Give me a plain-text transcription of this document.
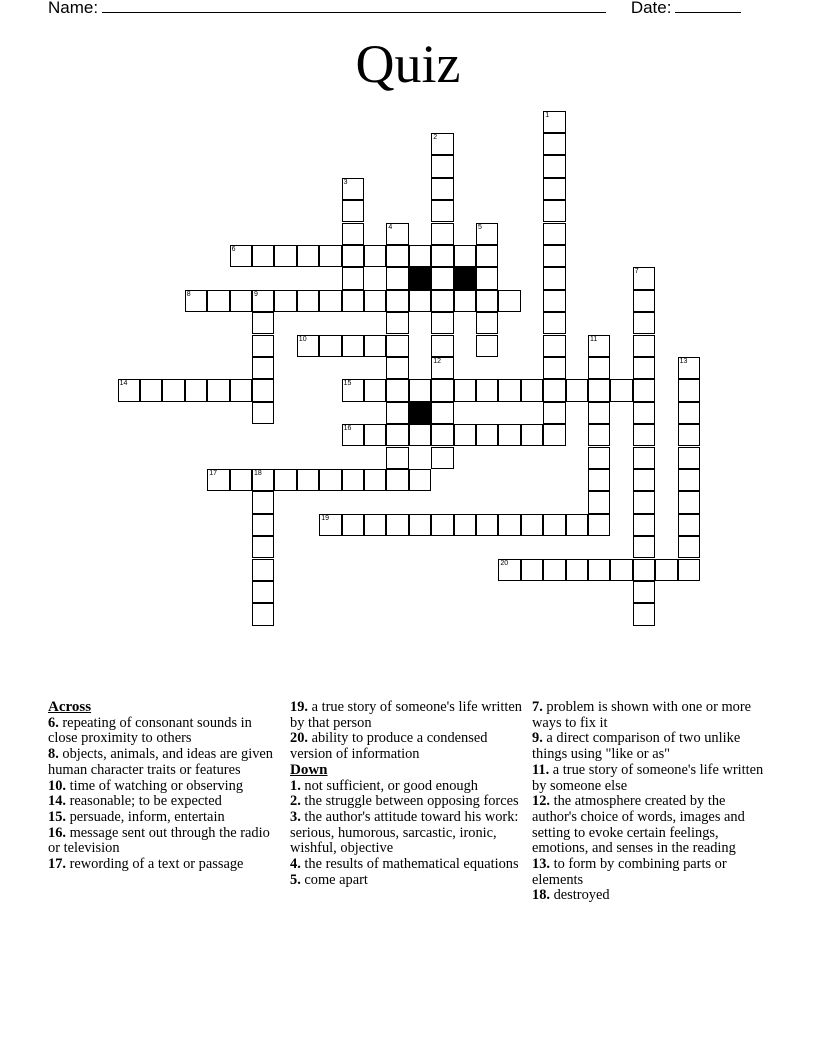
Name:	Date:
Quiz
1
2
3
4	5
6
7
8	9
10	11
12	13
14	15
16
17	18
19
20
Across
6. repeating of consonant sounds in close proximity to others
8. objects, animals, and ideas are given human character traits or features
10. time of watching or observing
14. reasonable; to be expected
15. persuade, inform, entertain
16. message sent out through the radio or television
17. rewording of a text or passage
19. a true story of someone's life written by that person
20. ability to produce a condensed version of information
Down
1. not sufficient, or good enough
2. the struggle between opposing forces
3. the author's attitude toward his work: serious, humorous, sarcastic, ironic, wishful, objective
4. the results of mathematical equations
5. come apart
7. problem is shown with one or more ways to fix it
9. a direct comparison of two unlike things using "like or as"
11. a true story of someone's life written by someone else
12. the atmosphere created by the author's choice of words, images and setting to evoke certain feelings, emotions, and senses in the reading
13. to form by combining parts or elements
18. destroyed
